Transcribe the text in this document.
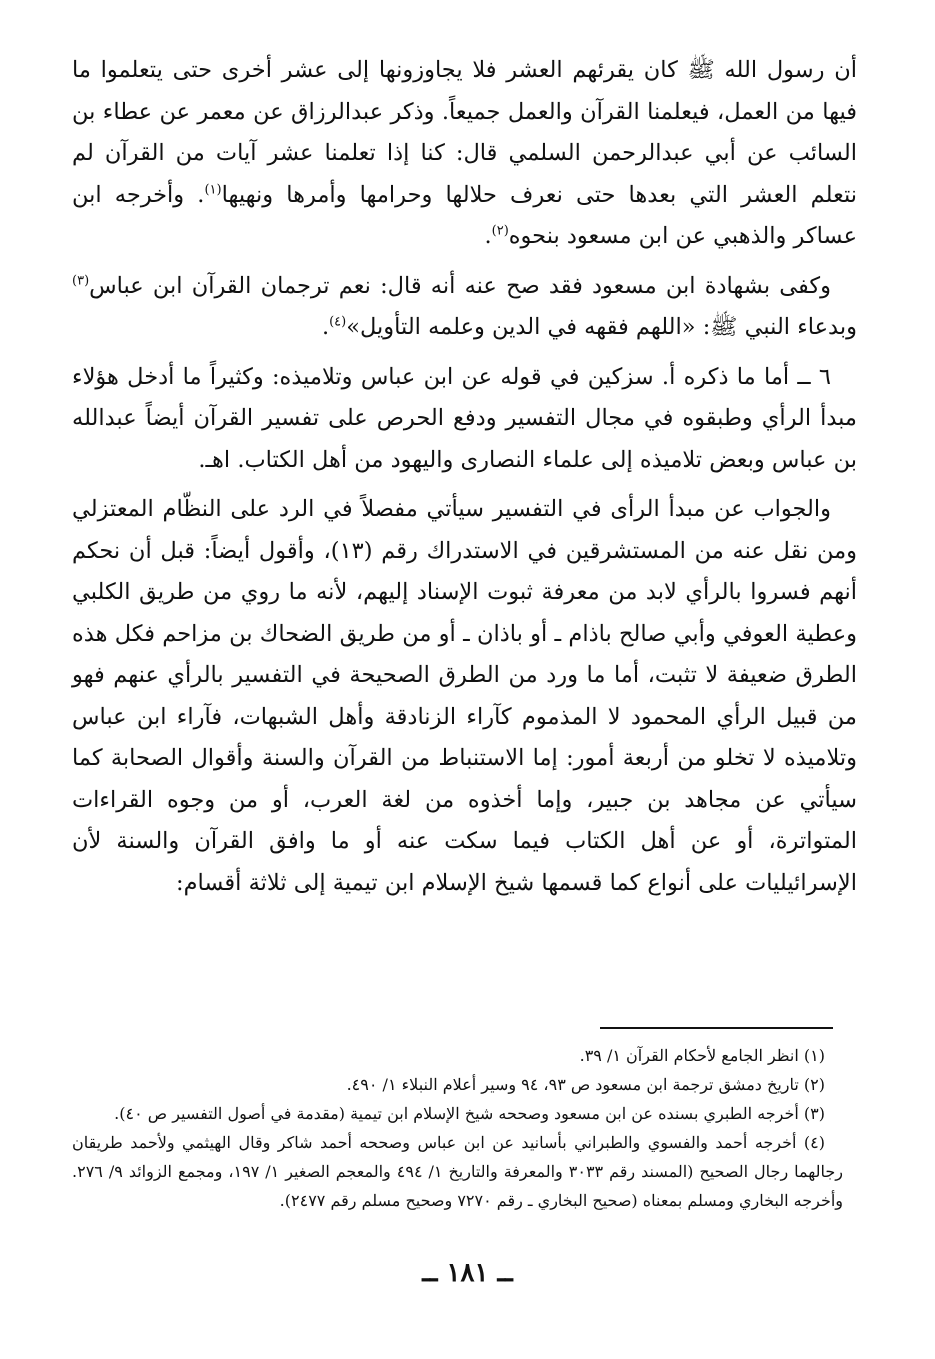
أن رسول الله ﷺ كان يقرئهم العشر فلا يجاوزونها إلى عشر أخرى حتى يتعلموا ما فيها من العمل، فيعلمنا القرآن والعمل جميعاً. وذكر عبدالرزاق عن معمر عن عطاء بن السائب عن أبي عبدالرحمن السلمي قال: كنا إذا تعلمنا عشر آيات من القرآن لم نتعلم العشر التي بعدها حتى نعرف حلالها وحرامها وأمرها ونهيها$^{(١)}$. وأخرجه ابن عساكر والذهبي عن ابن مسعود بنحوه$^{(٢)}$.

وكفى بشهادة ابن مسعود فقد صح عنه أنه قال: نعم ترجمان القرآن ابن عباس$^{(٣)}$ وبدعاء النبي ﷺ: «اللهم فقهه في الدين وعلمه التأويل»$^{(٤)}$.

٦ ــ أما ما ذكره أ. سزكين في قوله عن ابن عباس وتلاميذه: وكثيراً ما أدخل هؤلاء مبدأ الرأي وطبقوه في مجال التفسير ودفع الحرص على تفسير القرآن أيضاً عبدالله بن عباس وبعض تلاميذه إلى علماء النصارى واليهود من أهل الكتاب. اهـ.

والجواب عن مبدأ الرأى في التفسير سيأتي مفصلاً في الرد على النظّام المعتزلي ومن نقل عنه من المستشرقين في الاستدراك رقم (١٣)، وأقول أيضاً: قبل أن نحكم أنهم فسروا بالرأي لابد من معرفة ثبوت الإسناد إليهم، لأنه ما روي من طريق الكلبي وعطية العوفي وأبي صالح باذام ـ أو باذان ـ أو من طريق الضحاك بن مزاحم فكل هذه الطرق ضعيفة لا تثبت، أما ما ورد من الطرق الصحيحة في التفسير بالرأي عنهم فهو من قبيل الرأي المحمود لا المذموم كآراء الزنادقة وأهل الشبهات، فآراء ابن عباس وتلاميذه لا تخلو من أربعة أمور: إما الاستنباط من القرآن والسنة وأقوال الصحابة كما سيأتي عن مجاهد بن جبير، وإما أخذوه من لغة العرب، أو من وجوه القراءات المتواترة، أو عن أهل الكتاب فيما سكت عنه أو ما وافق القرآن والسنة لأن الإسرائيليات على أنواع كما قسمها شيخ الإسلام ابن تيمية إلى ثلاثة أقسام:

(١) انظر الجامع لأحكام القرآن ١/ ٣٩.

(٢) تاريخ دمشق ترجمة ابن مسعود ص ٩٣، ٩٤ وسير أعلام النبلاء ١/ ٤٩٠.

(٣) أخرجه الطبري بسنده عن ابن مسعود وصححه شيخ الإسلام ابن تيمية (مقدمة في أصول التفسير ص ٤٠).

(٤) أخرجه أحمد والفسوي والطبراني بأسانيد عن ابن عباس وصححه أحمد شاكر وقال الهيثمي ولأحمد طريقان رجالهما رجال الصحيح (المسند رقم ٣٠٣٣ والمعرفة والتاريخ ١/ ٤٩٤ والمعجم الصغير ١/ ١٩٧، ومجمع الزوائد ٩/ ٢٧٦. وأخرجه البخاري ومسلم بمعناه (صحيح البخاري ـ رقم ٧٢٧٠ وصحيح مسلم رقم ٢٤٧٧).

ــ ١٨١ ــ
